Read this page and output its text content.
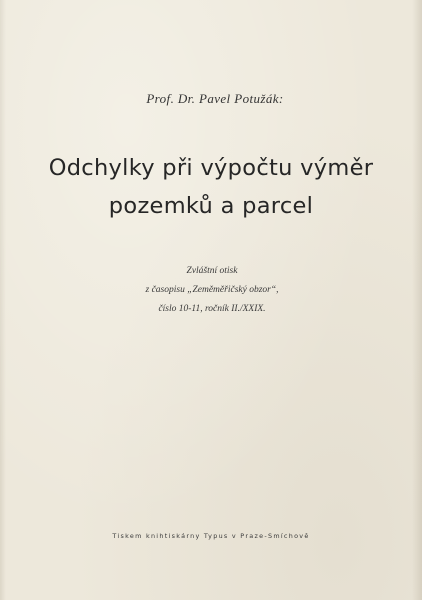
Prof. Dr. Pavel Potužák:
Odchylky při výpočtu výměr
pozemků a parcel
Zvláštní otisk
z časopisu „Zeměměřičský obzor“,
číslo 10-11, ročník II./XXIX.
Tiskem knihtiskárny Typus v Praze-Smíchově
